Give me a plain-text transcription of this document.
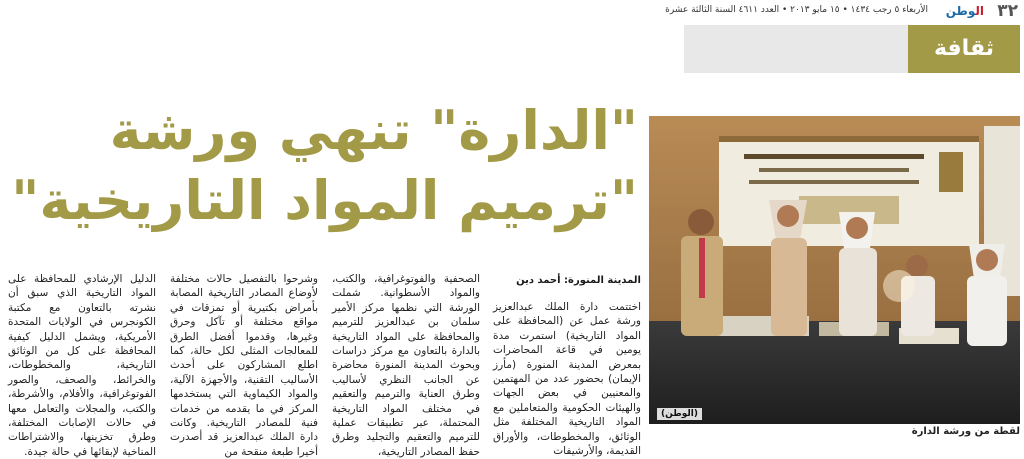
٣٢
الوطن
الأربعاء ٥ رجب ١٤٣٤ • ١٥ مايو ٢٠١٣ • العدد ٤٦١١ السنة الثالثة عشرة
ثقافة
"الدارة" تنهي ورشة
"ترميم المواد التاريخية"
(الوطن)
لقطة من ورشة الدارة
المدينة المنورة: أحمد دين

اختتمت دارة الملك عبدالعزيز ورشة عمل عن (المحافظة على المواد التاريخية) استمرت مدة يومين في قاعة المحاضرات بمعرض المدينة المنورة (مأرز الإيمان) بحضور عدد من المهتمين والمعنيين في بعض الجهات والهيئات الحكومية والمتعاملين مع المواد التاريخية المختلفة مثل الوثائق، والمخطوطات، والأوراق القديمة، والأرشيفات

الصحفية والفوتوغرافية، والكتب، والمواد الأسطوانية. شملت الورشة التي نظمها مركز الأمير سلمان بن عبدالعزيز للترميم والمحافظة على المواد التاريخية بالدارة بالتعاون مع مركز دراسات وبحوث المدينة المنورة محاضرة عن الجانب النظري لأساليب وطرق العناية والترميم والتعقيم في مختلف المواد التاريخية المحتملة، عبر تطبيقات عملية للترميم والتعقيم والتجليد وطرق حفظ المصادر التاريخية،

وشرحوا بالتفصيل حالات مختلفة لأوضاع المصادر التاريخية المصابة بأمراض بكتيرية أو تمزقات في مواقع مختلفة أو تآكل وحرق وغيرها، وقدموا أفضل الطرق للمعالجات المثلى لكل حالة، كما اطلع المشاركون على أحدث الأساليب التقنية، والأجهزة الآلية، والمواد الكيماوية التي يستخدمها المركز في ما يقدمه من خدمات فنية للمصادر التاريخية. وكانت دارة الملك عبدالعزيز قد أصدرت أخيرا طبعة منقحة من

الدليل الإرشادي للمحافظة على المواد التاريخية الذي سبق أن نشرته بالتعاون مع مكتبة الكونجرس في الولايات المتحدة الأمريكية، ويشمل الدليل كيفية المحافظة على كل من الوثائق التاريخية، والمخطوطات، والخرائط، والصحف، والصور الفوتوغرافية، والأفلام، والأشرطة، والكتب، والمجلات والتعامل معها في حالات الإصابات المختلفة، وطرق تخزينها، والاشتراطات المناخية لإبقائها في حالة جيدة.
